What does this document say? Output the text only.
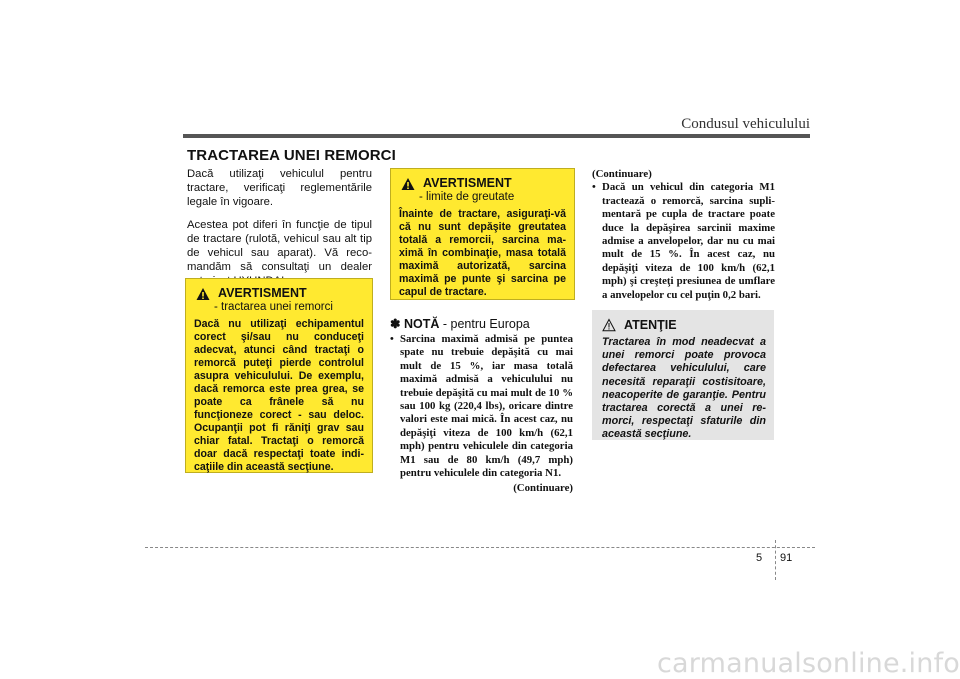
Condusul vehiculului
TRACTAREA UNEI REMORCI

Dacă utilizaţi vehiculul pentru tractare, verificaţi reglementările legale în vigoare.

Acestea pot diferi în funcţie de tipul de tractare (rulotă, vehicul sau alt tip de vehicul sau aparat). Vă reco-mandăm să consultaţi un dealer

AVERTISMENT
- tractarea unei remorci
Dacă nu utilizaţi echipamentul corect şi/sau nu conduceţi adecvat, atunci când tractaţi o remorcă puteţi pierde controlul asupra vehiculului. De exemplu, dacă remorca este prea grea, se poate ca frânele să nu funcţioneze corect - sau deloc. Ocupanţii pot fi răniţi grav sau chiar fatal. Tractaţi o remorcă doar dacă respectaţi toate indi-caţiile din această secţiune.
AVERTISMENT
- limite de greutate
Înainte de tractare, asiguraţi-vă că nu sunt depăşite greutatea totală a remorcii, sarcina ma-ximă în combinaţie, masa totală maximă autorizată, sarcina maximă pe punte şi sarcina pe capul de tractare.
✽ NOTĂ - pentru Europa

• Sarcina maximă admisă pe puntea spate nu trebuie depăşită cu mai mult de 15 %, iar masa totală maximă admisă a vehiculului nu trebuie depăşită cu mai mult de 10 % sau 100 kg (220,4 lbs), oricare dintre valori este mai mică. În acest caz, nu depăşiţi viteza de 100 km/h (62,1 mph) pentru vehiculele din categoria M1 sau de 80 km/h (49,7 mph) pentru vehiculele din categoria N1.

(Continuare)
(Continuare)

• Dacă un vehicul din categoria M1 tractează o remorcă, sarcina supli-mentară pe cupla de tractare poate duce la depăşirea sarcinii maxime admise a anvelopelor, dar nu cu mai mult de 15 %. În acest caz, nu depăşiţi viteza de 100 km/h (62,1 mph) şi creşteţi presiunea de umflare a anvelopelor cu cel puţin 0,2 bari.

ATENŢIE
Tractarea în mod neadecvat a unei remorci poate provoca defectarea vehiculului, care necesită reparaţii costisitoare, neacoperite de garanţie. Pentru tractarea corectă a unei re-morci, respectaţi sfaturile din această secţiune.
5 91
carmanualsonline.info
